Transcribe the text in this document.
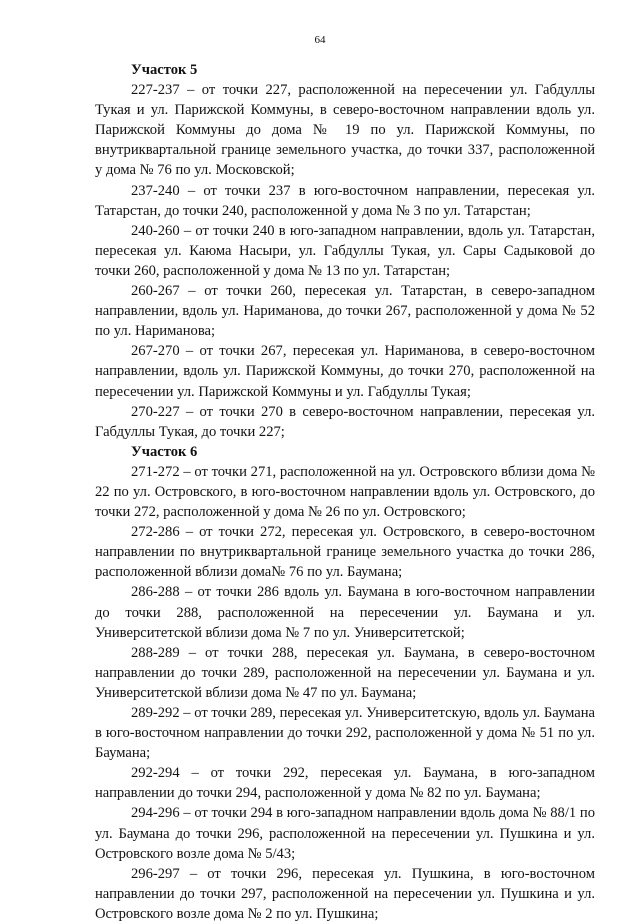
64

Участок 5

227-237 – от точки 227, расположенной на пересечении ул. Габдуллы Тукая и ул. Парижской Коммуны, в северо-восточном направлении вдоль ул. Парижской Коммуны до дома № 19 по ул. Парижской Коммуны, по внутриквартальной границе земельного участка, до точки 337, расположенной у дома № 76 по ул. Московской;

237-240 – от точки 237 в юго-восточном направлении, пересекая ул. Татарстан, до точки 240, расположенной у дома № 3 по ул. Татарстан;

240-260 – от точки 240 в юго-западном направлении, вдоль ул. Татарстан, пересекая ул. Каюма Насыри, ул. Габдуллы Тукая, ул. Сары Садыковой до точки 260, расположенной у дома № 13 по ул. Татарстан;

260-267 – от точки 260, пересекая ул. Татарстан, в северо-западном направлении, вдоль ул. Нариманова, до точки 267, расположенной у дома № 52 по ул. Нариманова;

267-270 – от точки 267, пересекая ул. Нариманова, в северо-восточном направлении, вдоль ул. Парижской Коммуны, до точки 270, расположенной на пересечении ул. Парижской Коммуны и ул. Габдуллы Тукая;

270-227 – от точки 270 в северо-восточном направлении, пересекая ул. Габдуллы Тукая, до точки 227;

Участок 6

271-272 – от точки 271, расположенной на ул. Островского вблизи дома № 22 по ул. Островского, в юго-восточном направлении вдоль ул. Островского, до точки 272, расположенной у дома № 26 по ул. Островского;

272-286 – от точки 272, пересекая ул. Островского, в северо-восточном направлении по внутриквартальной границе земельного участка до точки 286, расположенной вблизи дома№ 76 по ул. Баумана;

286-288 – от точки 286 вдоль ул. Баумана в юго-восточном направлении до точки 288, расположенной на пересечении ул. Баумана и ул. Университетской вблизи дома № 7 по ул. Университетской;

288-289 – от точки 288, пересекая ул. Баумана, в северо-восточном направлении до точки 289, расположенной на пересечении ул. Баумана и ул. Университетской вблизи дома № 47 по ул. Баумана;

289-292 – от точки 289, пересекая ул. Университетскую, вдоль ул. Баумана в юго-восточном направлении до точки 292, расположенной у дома № 51 по ул. Баумана;

292-294 – от точки 292, пересекая ул. Баумана, в юго-западном направлении до точки 294, расположенной у дома № 82 по ул. Баумана;

294-296 – от точки 294 в юго-западном направлении вдоль дома № 88/1 по ул. Баумана до точки 296, расположенной на пересечении ул. Пушкина и ул. Островского возле дома № 5/43;

296-297 – от точки 296, пересекая ул. Пушкина, в юго-восточном направлении до точки 297, расположенной на пересечении ул. Пушкина и ул. Островского возле дома № 2 по ул. Пушкина;
